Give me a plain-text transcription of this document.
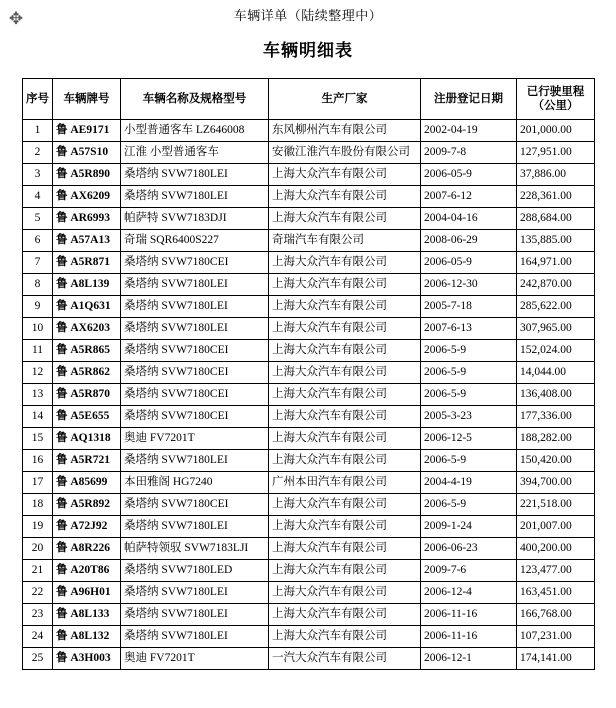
✥	车辆详单（陆续整理中）
车辆明细表
序号	车辆牌号	车辆名称及规格型号	生产厂家	注册登记日期	已行驶里程
（公里）

1	鲁 AE9171	小型普通客车 LZ646008	东风柳州汽车有限公司	2002-04-19	201,000.00
2	鲁 A57S10	江淮 小型普通客车	安徽江淮汽车股份有限公司	2009-7-8	127,951.00
3	鲁 A5R890	桑塔纳 SVW7180LEI	上海大众汽车有限公司	2006-05-9	37,886.00
4	鲁 AX6209	桑塔纳 SVW7180LEI	上海大众汽车有限公司	2007-6-12	228,361.00
5	鲁 AR6993	帕萨特 SVW7183DJI	上海大众汽车有限公司	2004-04-16	288,684.00
6	鲁 A57A13	奇瑞 SQR6400S227	奇瑞汽车有限公司	2008-06-29	135,885.00
7	鲁 A5R871	桑塔纳 SVW7180CEI	上海大众汽车有限公司	2006-05-9	164,971.00
8	鲁 A8L139	桑塔纳 SVW7180LEI	上海大众汽车有限公司	2006-12-30	242,870.00
9	鲁 A1Q631	桑塔纳 SVW7180LEI	上海大众汽车有限公司	2005-7-18	285,622.00
10	鲁 AX6203	桑塔纳 SVW7180LEI	上海大众汽车有限公司	2007-6-13	307,965.00
11	鲁 A5R865	桑塔纳 SVW7180CEI	上海大众汽车有限公司	2006-5-9	152,024.00
12	鲁 A5R862	桑塔纳 SVW7180CEI	上海大众汽车有限公司	2006-5-9	14,044.00
13	鲁 A5R870	桑塔纳 SVW7180CEI	上海大众汽车有限公司	2006-5-9	136,408.00
14	鲁 A5E655	桑塔纳 SVW7180CEI	上海大众汽车有限公司	2005-3-23	177,336.00
15	鲁 AQ1318	奥迪 FV7201T	上海大众汽车有限公司	2006-12-5	188,282.00
16	鲁 A5R721	桑塔纳 SVW7180LEI	上海大众汽车有限公司	2006-5-9	150,420.00
17	鲁 A85699	本田雅阁 HG7240	广州本田汽车有限公司	2004-4-19	394,700.00
18	鲁 A5R892	桑塔纳 SVW7180CEI	上海大众汽车有限公司	2006-5-9	221,518.00
19	鲁 A72J92	桑塔纳 SVW7180LEI	上海大众汽车有限公司	2009-1-24	201,007.00
20	鲁 A8R226	帕萨特领驭 SVW7183LJI	上海大众汽车有限公司	2006-06-23	400,200.00
21	鲁 A20T86	桑塔纳 SVW7180LED	上海大众汽车有限公司	2009-7-6	123,477.00
22	鲁 A96H01	桑塔纳 SVW7180LEI	上海大众汽车有限公司	2006-12-4	163,451.00
23	鲁 A8L133	桑塔纳 SVW7180LEI	上海大众汽车有限公司	2006-11-16	166,768.00
24	鲁 A8L132	桑塔纳 SVW7180LEI	上海大众汽车有限公司	2006-11-16	107,231.00
25	鲁 A3H003	奥迪 FV7201T	一汽大众汽车有限公司	2006-12-1	174,141.00
